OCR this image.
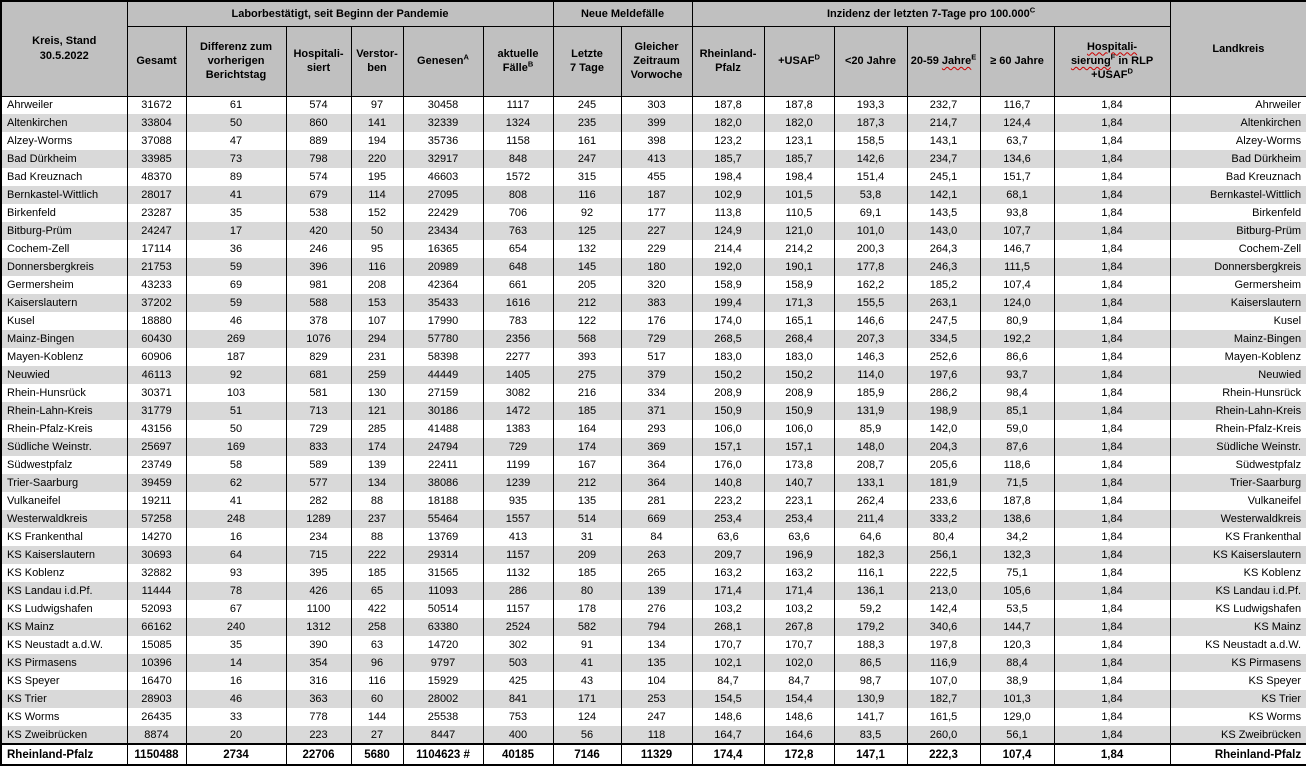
Kreis, Stand
30.5.2022	Laborbestätigt, seit Beginn der Pandemie						Neue Meldefälle		Inzidenz der letzten 7-Tage pro $100.000^C$						Landkreis
	Gesamt	Differenz zum
vorherigen
Berichtstag	Hospitali-
siert	Verstor-
ben	Genesen$^A$	aktuelle
Fälle$^B$	Letzte
7 Tage	Gleicher
Zeitraum
Vorwoche	Rheinland-
Pfalz	$+USAF^D$	<20 Jahre	20-59 Jahre$^E$	≥ 60 Jahre	Hospitali-
sierung$^F$ in RLP
$+USAF^D$
Ahrweiler	31672	61	574	97	30458	1117	245	303	187,8	187,8	193,3	232,7	116,7	1,84	Ahrweiler
Altenkirchen	33804	50	860	141	32339	1324	235	399	182,0	182,0	187,3	214,7	124,4	1,84	Altenkirchen
Alzey-Worms	37088	47	889	194	35736	1158	161	398	123,2	123,1	158,5	143,1	63,7	1,84	Alzey-Worms
Bad Dürkheim	33985	73	798	220	32917	848	247	413	185,7	185,7	142,6	234,7	134,6	1,84	Bad Dürkheim
Bad Kreuznach	48370	89	574	195	46603	1572	315	455	198,4	198,4	151,4	245,1	151,7	1,84	Bad Kreuznach
Bernkastel-Wittlich	28017	41	679	114	27095	808	116	187	102,9	101,5	53,8	142,1	68,1	1,84	Bernkastel-Wittlich
Birkenfeld	23287	35	538	152	22429	706	92	177	113,8	110,5	69,1	143,5	93,8	1,84	Birkenfeld
Bitburg-Prüm	24247	17	420	50	23434	763	125	227	124,9	121,0	101,0	143,0	107,7	1,84	Bitburg-Prüm
Cochem-Zell	17114	36	246	95	16365	654	132	229	214,4	214,2	200,3	264,3	146,7	1,84	Cochem-Zell
Donnersbergkreis	21753	59	396	116	20989	648	145	180	192,0	190,1	177,8	246,3	111,5	1,84	Donnersbergkreis
Germersheim	43233	69	981	208	42364	661	205	320	158,9	158,9	162,2	185,2	107,4	1,84	Germersheim
Kaiserslautern	37202	59	588	153	35433	1616	212	383	199,4	171,3	155,5	263,1	124,0	1,84	Kaiserslautern
Kusel	18880	46	378	107	17990	783	122	176	174,0	165,1	146,6	247,5	80,9	1,84	Kusel
Mainz-Bingen	60430	269	1076	294	57780	2356	568	729	268,5	268,4	207,3	334,5	192,2	1,84	Mainz-Bingen
Mayen-Koblenz	60906	187	829	231	58398	2277	393	517	183,0	183,0	146,3	252,6	86,6	1,84	Mayen-Koblenz
Neuwied	46113	92	681	259	44449	1405	275	379	150,2	150,2	114,0	197,6	93,7	1,84	Neuwied
Rhein-Hunsrück	30371	103	581	130	27159	3082	216	334	208,9	208,9	185,9	286,2	98,4	1,84	Rhein-Hunsrück
Rhein-Lahn-Kreis	31779	51	713	121	30186	1472	185	371	150,9	150,9	131,9	198,9	85,1	1,84	Rhein-Lahn-Kreis
Rhein-Pfalz-Kreis	43156	50	729	285	41488	1383	164	293	106,0	106,0	85,9	142,0	59,0	1,84	Rhein-Pfalz-Kreis
Südliche Weinstr.	25697	169	833	174	24794	729	174	369	157,1	157,1	148,0	204,3	87,6	1,84	Südliche Weinstr.
Südwestpfalz	23749	58	589	139	22411	1199	167	364	176,0	173,8	208,7	205,6	118,6	1,84	Südwestpfalz
Trier-Saarburg	39459	62	577	134	38086	1239	212	364	140,8	140,7	133,1	181,9	71,5	1,84	Trier-Saarburg
Vulkaneifel	19211	41	282	88	18188	935	135	281	223,2	223,1	262,4	233,6	187,8	1,84	Vulkaneifel
Westerwaldkreis	57258	248	1289	237	55464	1557	514	669	253,4	253,4	211,4	333,2	138,6	1,84	Westerwaldkreis
KS Frankenthal	14270	16	234	88	13769	413	31	84	63,6	63,6	64,6	80,4	34,2	1,84	KS Frankenthal
KS Kaiserslautern	30693	64	715	222	29314	1157	209	263	209,7	196,9	182,3	256,1	132,3	1,84	KS Kaiserslautern
KS Koblenz	32882	93	395	185	31565	1132	185	265	163,2	163,2	116,1	222,5	75,1	1,84	KS Koblenz
KS Landau i.d.Pf.	11444	78	426	65	11093	286	80	139	171,4	171,4	136,1	213,0	105,6	1,84	KS Landau i.d.Pf.
KS Ludwigshafen	52093	67	1100	422	50514	1157	178	276	103,2	103,2	59,2	142,4	53,5	1,84	KS Ludwigshafen
KS Mainz	66162	240	1312	258	63380	2524	582	794	268,1	267,8	179,2	340,6	144,7	1,84	KS Mainz
KS Neustadt a.d.W.	15085	35	390	63	14720	302	91	134	170,7	170,7	188,3	197,8	120,3	1,84	KS Neustadt a.d.W.
KS Pirmasens	10396	14	354	96	9797	503	41	135	102,1	102,0	86,5	116,9	88,4	1,84	KS Pirmasens
KS Speyer	16470	16	316	116	15929	425	43	104	84,7	84,7	98,7	107,0	38,9	1,84	KS Speyer
KS Trier	28903	46	363	60	28002	841	171	253	154,5	154,4	130,9	182,7	101,3	1,84	KS Trier
KS Worms	26435	33	778	144	25538	753	124	247	148,6	148,6	141,7	161,5	129,0	1,84	KS Worms
KS Zweibrücken	8874	20	223	27	8447	400	56	118	164,7	164,6	83,5	260,0	56,1	1,84	KS Zweibrücken
Rheinland-Pfalz	1150488	2734	22706	5680	1104623 #	40185	7146	11329	174,4	172,8	147,1	222,3	107,4	1,84	Rheinland-Pfalz
